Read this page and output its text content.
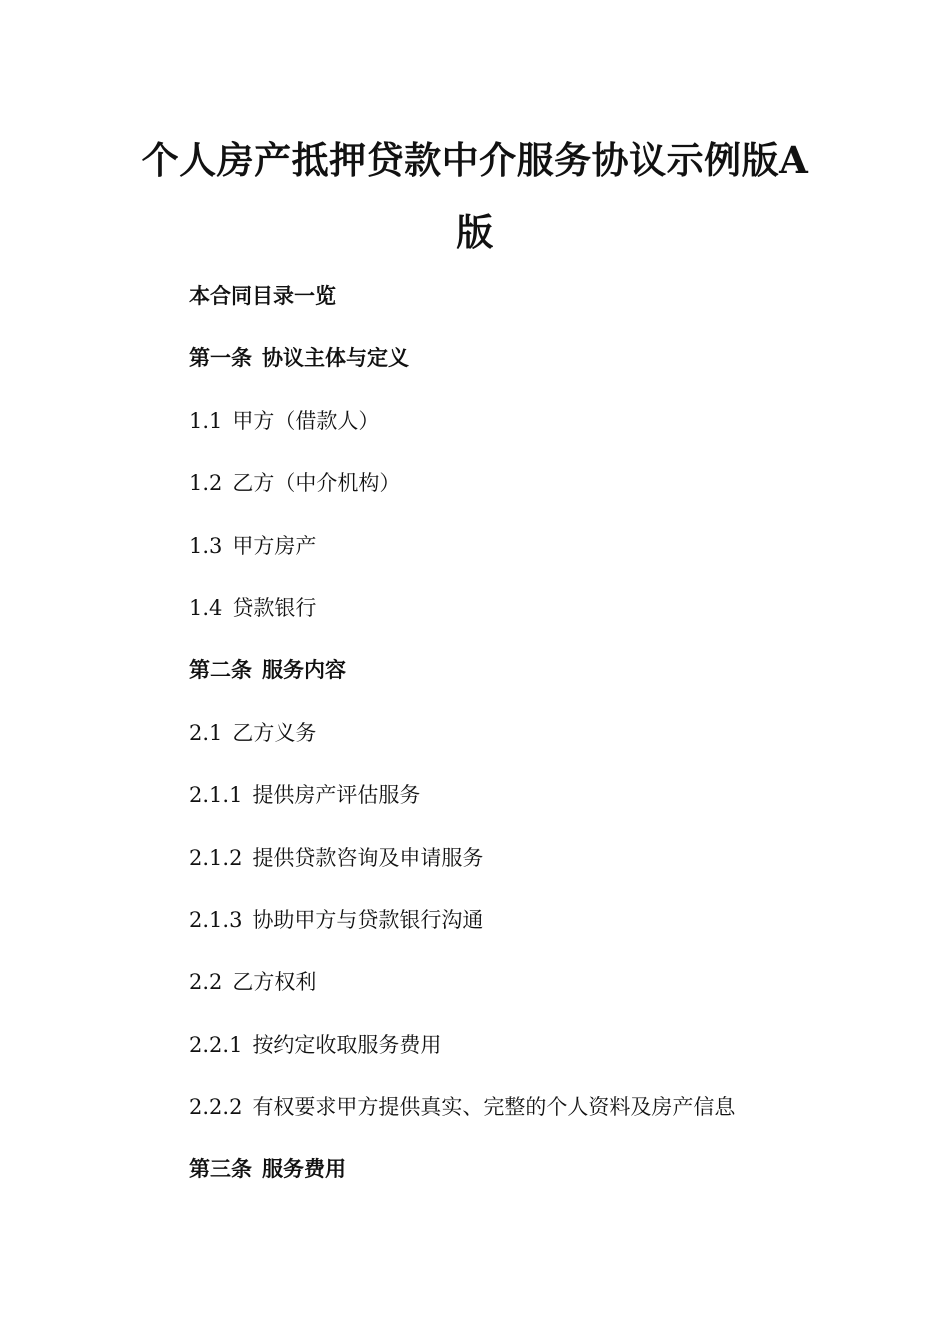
个人房产抵押贷款中介服务协议示例版A
版
本合同目录一览
第一条 协议主体与定义
1.1 甲方（借款人）
1.2 乙方（中介机构）
1.3 甲方房产
1.4 贷款银行
第二条 服务内容
2.1 乙方义务
2.1.1 提供房产评估服务
2.1.2 提供贷款咨询及申请服务
2.1.3 协助甲方与贷款银行沟通
2.2 乙方权利
2.2.1 按约定收取服务费用
2.2.2 有权要求甲方提供真实、完整的个人资料及房产信息
第三条 服务费用
